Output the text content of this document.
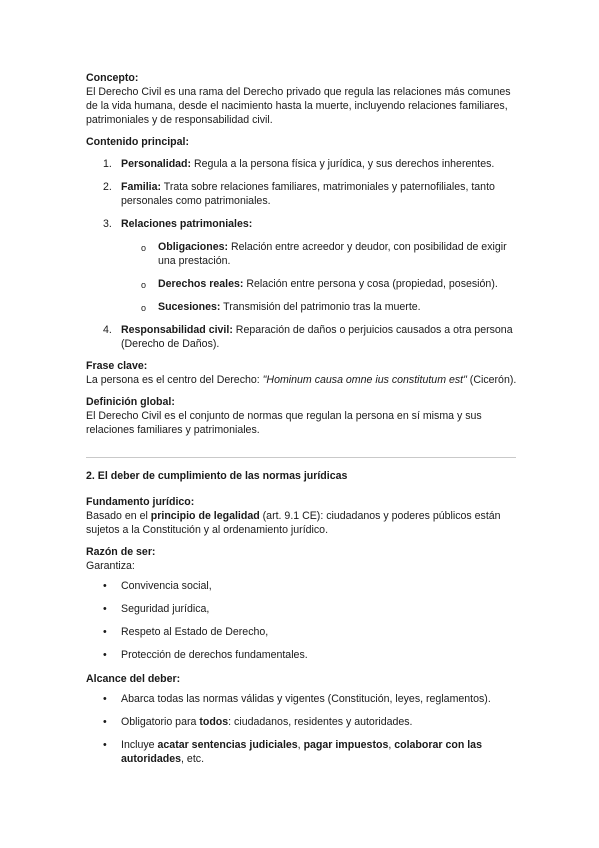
Concepto:

El Derecho Civil es una rama del Derecho privado que regula las relaciones más comunes de la vida humana, desde el nacimiento hasta la muerte, incluyendo relaciones familiares, patrimoniales y de responsabilidad civil.

Contenido principal:

1. Personalidad: Regula a la persona física y jurídica, y sus derechos inherentes.
2. Familia: Trata sobre relaciones familiares, matrimoniales y paternofiliales, tanto personales como patrimoniales.
3. Relaciones patrimoniales:
o Obligaciones: Relación entre acreedor y deudor, con posibilidad de exigir una prestación.
o Derechos reales: Relación entre persona y cosa (propiedad, posesión).
o Sucesiones: Transmisión del patrimonio tras la muerte.
4. Responsabilidad civil: Reparación de daños o perjuicios causados a otra persona (Derecho de Daños).

Frase clave:

La persona es el centro del Derecho: "Hominum causa omne ius constitutum est" (Cicerón).

Definición global:

El Derecho Civil es el conjunto de normas que regulan la persona en sí misma y sus relaciones familiares y patrimoniales.

2. El deber de cumplimiento de las normas jurídicas

Fundamento jurídico:

Basado en el principio de legalidad (art. 9.1 CE): ciudadanos y poderes públicos están sujetos a la Constitución y al ordenamiento jurídico.

Razón de ser:

Garantiza:

• Convivencia social,
• Seguridad jurídica,
• Respeto al Estado de Derecho,
• Protección de derechos fundamentales.

Alcance del deber:

• Abarca todas las normas válidas y vigentes (Constitución, leyes, reglamentos).
• Obligatorio para todos: ciudadanos, residentes y autoridades.
• Incluye acatar sentencias judiciales, pagar impuestos, colaborar con las autoridades, etc.
